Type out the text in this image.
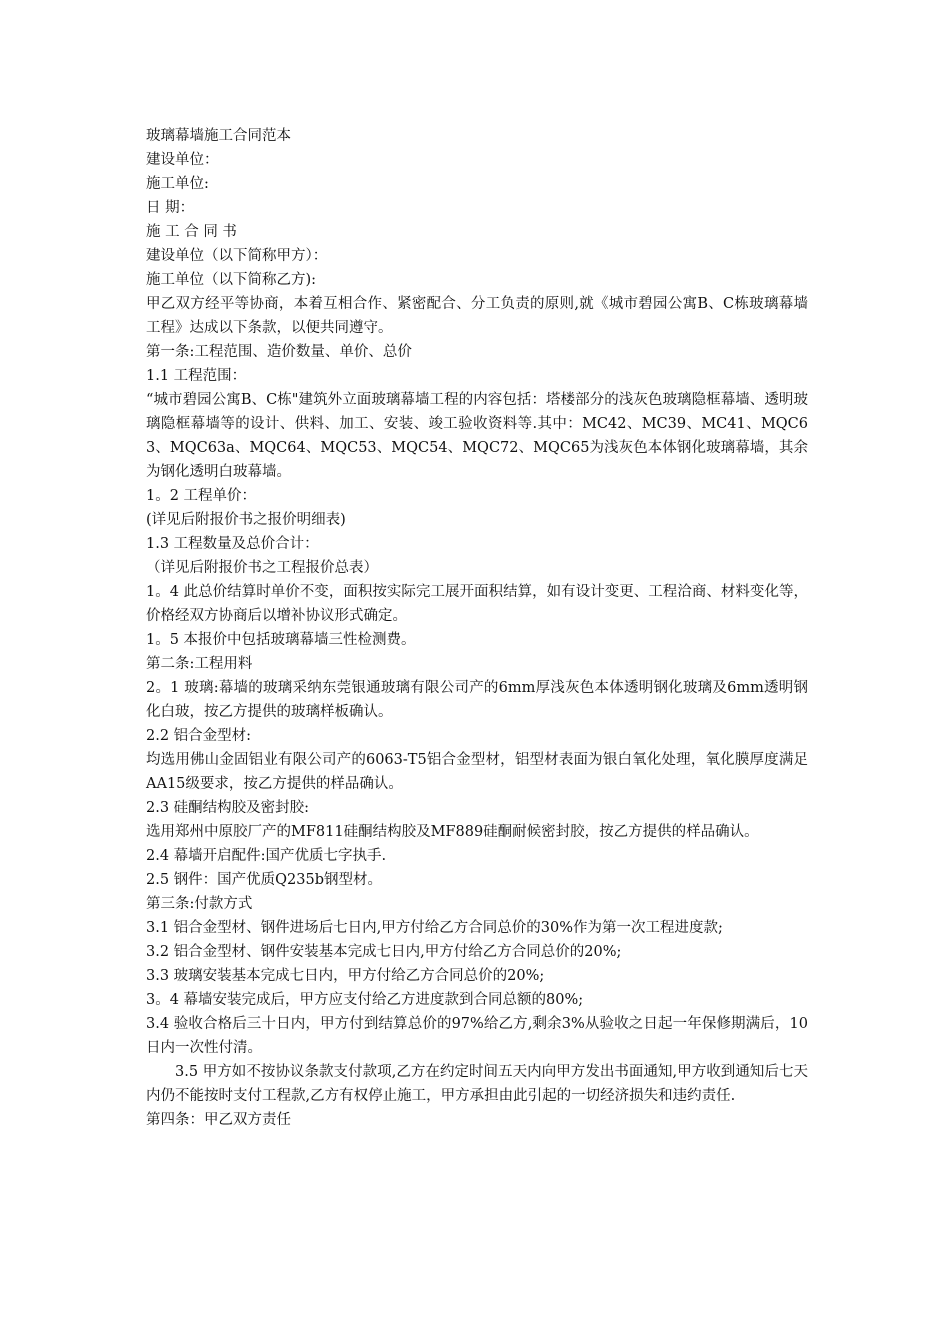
玻璃幕墙施工合同范本

建设单位：

施工单位:

日 期：

施 工 合 同 书

建设单位（以下简称甲方）：

施工单位（以下简称乙方):

甲乙双方经平等协商，本着互相合作、紧密配合、分工负责的原则,就《城市碧园公寓B、C栋玻璃幕墙工程》达成以下条款，以便共同遵守。

第一条:工程范围、造价数量、单价、总价

1.1 工程范围：

“城市碧园公寓B、C栋"建筑外立面玻璃幕墙工程的内容包括：塔楼部分的浅灰色玻璃隐框幕墙、透明玻璃隐框幕墙等的设计、供料、加工、安装、竣工验收资料等.其中：MC42、MC39、MC41、MQC63、MQC63a、MQC64、MQC53、MQC54、MQC72、MQC65为浅灰色本体钢化玻璃幕墙，其余为钢化透明白玻幕墙。

1。2 工程单价：

(详见后附报价书之报价明细表)

1.3 工程数量及总价合计：

（详见后附报价书之工程报价总表）

1。4 此总价结算时单价不变，面积按实际完工展开面积结算，如有设计变更、工程洽商、材料变化等，价格经双方协商后以增补协议形式确定。

1。5 本报价中包括玻璃幕墙三性检测费。

第二条:工程用料

2。1 玻璃:幕墙的玻璃采纳东莞银通玻璃有限公司产的6mm厚浅灰色本体透明钢化玻璃及6mm透明钢化白玻，按乙方提供的玻璃样板确认。

2.2 铝合金型材:

均选用佛山金固铝业有限公司产的6063-T5铝合金型材，铝型材表面为银白氧化处理，氧化膜厚度满足AA15级要求，按乙方提供的样品确认。

2.3 硅酮结构胶及密封胶:

选用郑州中原胶厂产的MF811硅酮结构胶及MF889硅酮耐候密封胶，按乙方提供的样品确认。

2.4 幕墙开启配件:国产优质七字执手.

2.5 钢件：国产优质Q235b钢型材。

第三条:付款方式

3.1 铝合金型材、钢件进场后七日内,甲方付给乙方合同总价的30%作为第一次工程进度款;

3.2 铝合金型材、钢件安装基本完成七日内,甲方付给乙方合同总价的20%;

3.3 玻璃安装基本完成七日内，甲方付给乙方合同总价的20%;

3。4 幕墙安装完成后，甲方应支付给乙方进度款到合同总额的80%;

3.4 验收合格后三十日内，甲方付到结算总价的97%给乙方,剩余3%从验收之日起一年保修期满后，10日内一次性付清。

3.5 甲方如不按协议条款支付款项,乙方在约定时间五天内向甲方发出书面通知,甲方收到通知后七天内仍不能按时支付工程款,乙方有权停止施工，甲方承担由此引起的一切经济损失和违约责任.

第四条：甲乙双方责任
